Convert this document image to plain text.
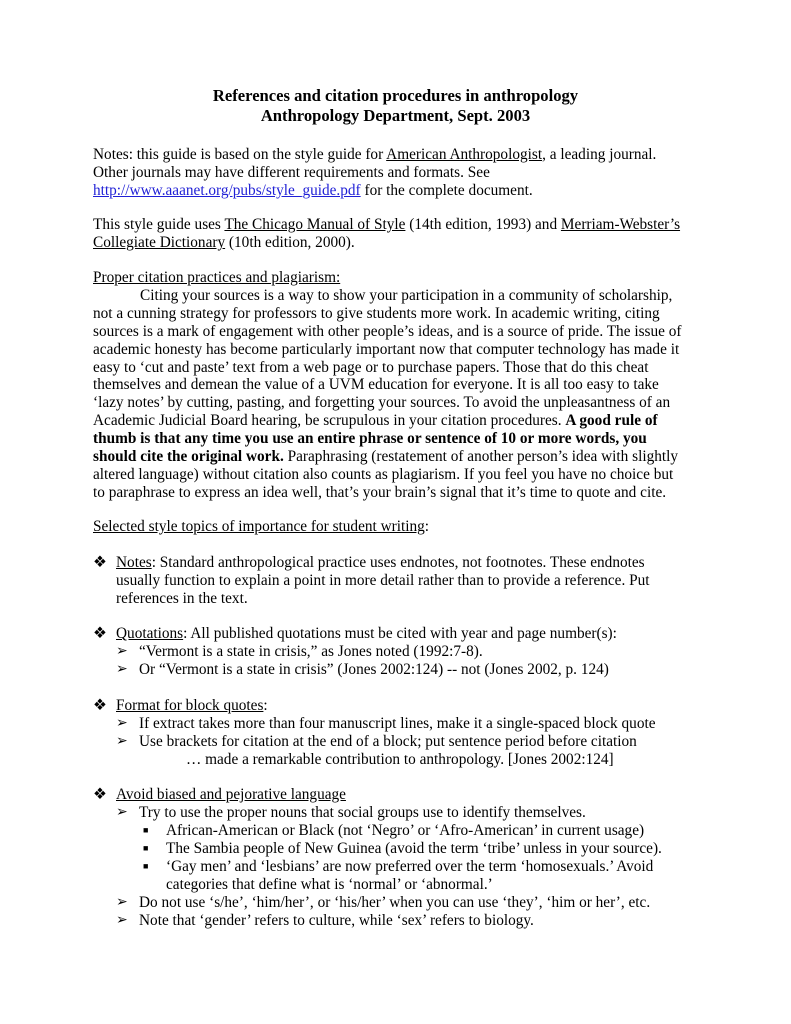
References and citation procedures in anthropology
Anthropology Department, Sept. 2003
Notes: this guide is based on the style guide for American Anthropologist, a leading journal.
Other journals may have different requirements and formats. See
http://www.aaanet.org/pubs/style_guide.pdf for the complete document.
This style guide uses The Chicago Manual of Style (14th edition, 1993) and Merriam-Webster’s
Collegiate Dictionary (10th edition, 2000).
Proper citation practices and plagiarism:
Citing your sources is a way to show your participation in a community of scholarship,
not a cunning strategy for professors to give students more work. In academic writing, citing
sources is a mark of engagement with other people’s ideas, and is a source of pride. The issue of
academic honesty has become particularly important now that computer technology has made it
easy to ‘cut and paste’ text from a web page or to purchase papers. Those that do this cheat
themselves and demean the value of a UVM education for everyone. It is all too easy to take
‘lazy notes’ by cutting, pasting, and forgetting your sources. To avoid the unpleasantness of an
Academic Judicial Board hearing, be scrupulous in your citation procedures. A good rule of
thumb is that any time you use an entire phrase or sentence of 10 or more words, you
should cite the original work. Paraphrasing (restatement of another person’s idea with slightly
altered language) without citation also counts as plagiarism. If you feel you have no choice but
to paraphrase to express an idea well, that’s your brain’s signal that it’s time to quote and cite.
Selected style topics of importance for student writing:
❖ Notes: Standard anthropological practice uses endnotes, not footnotes. These endnotes
usually function to explain a point in more detail rather than to provide a reference. Put
references in the text.
❖ Quotations: All published quotations must be cited with year and page number(s):
➢ “Vermont is a state in crisis,” as Jones noted (1992:7-8).
➢ Or “Vermont is a state in crisis” (Jones 2002:124) -- not (Jones 2002, p. 124)
❖ Format for block quotes:
➢ If extract takes more than four manuscript lines, make it a single-spaced block quote
➢ Use brackets for citation at the end of a block; put sentence period before citation
… made a remarkable contribution to anthropology. [Jones 2002:124]
❖ Avoid biased and pejorative language
➢ Try to use the proper nouns that social groups use to identify themselves.
■	African-American or Black (not ‘Negro’ or ‘Afro-American’ in current usage)
■	The Sambia people of New Guinea (avoid the term ‘tribe’ unless in your source).
■	‘Gay men’ and ‘lesbians’ are now preferred over the term ‘homosexuals.’ Avoid
categories that define what is ‘normal’ or ‘abnormal.’
➢ Do not use ‘s/he’, ‘him/her’, or ‘his/her’ when you can use ‘they’, ‘him or her’, etc.
➢ Note that ‘gender’ refers to culture, while ‘sex’ refers to biology.
